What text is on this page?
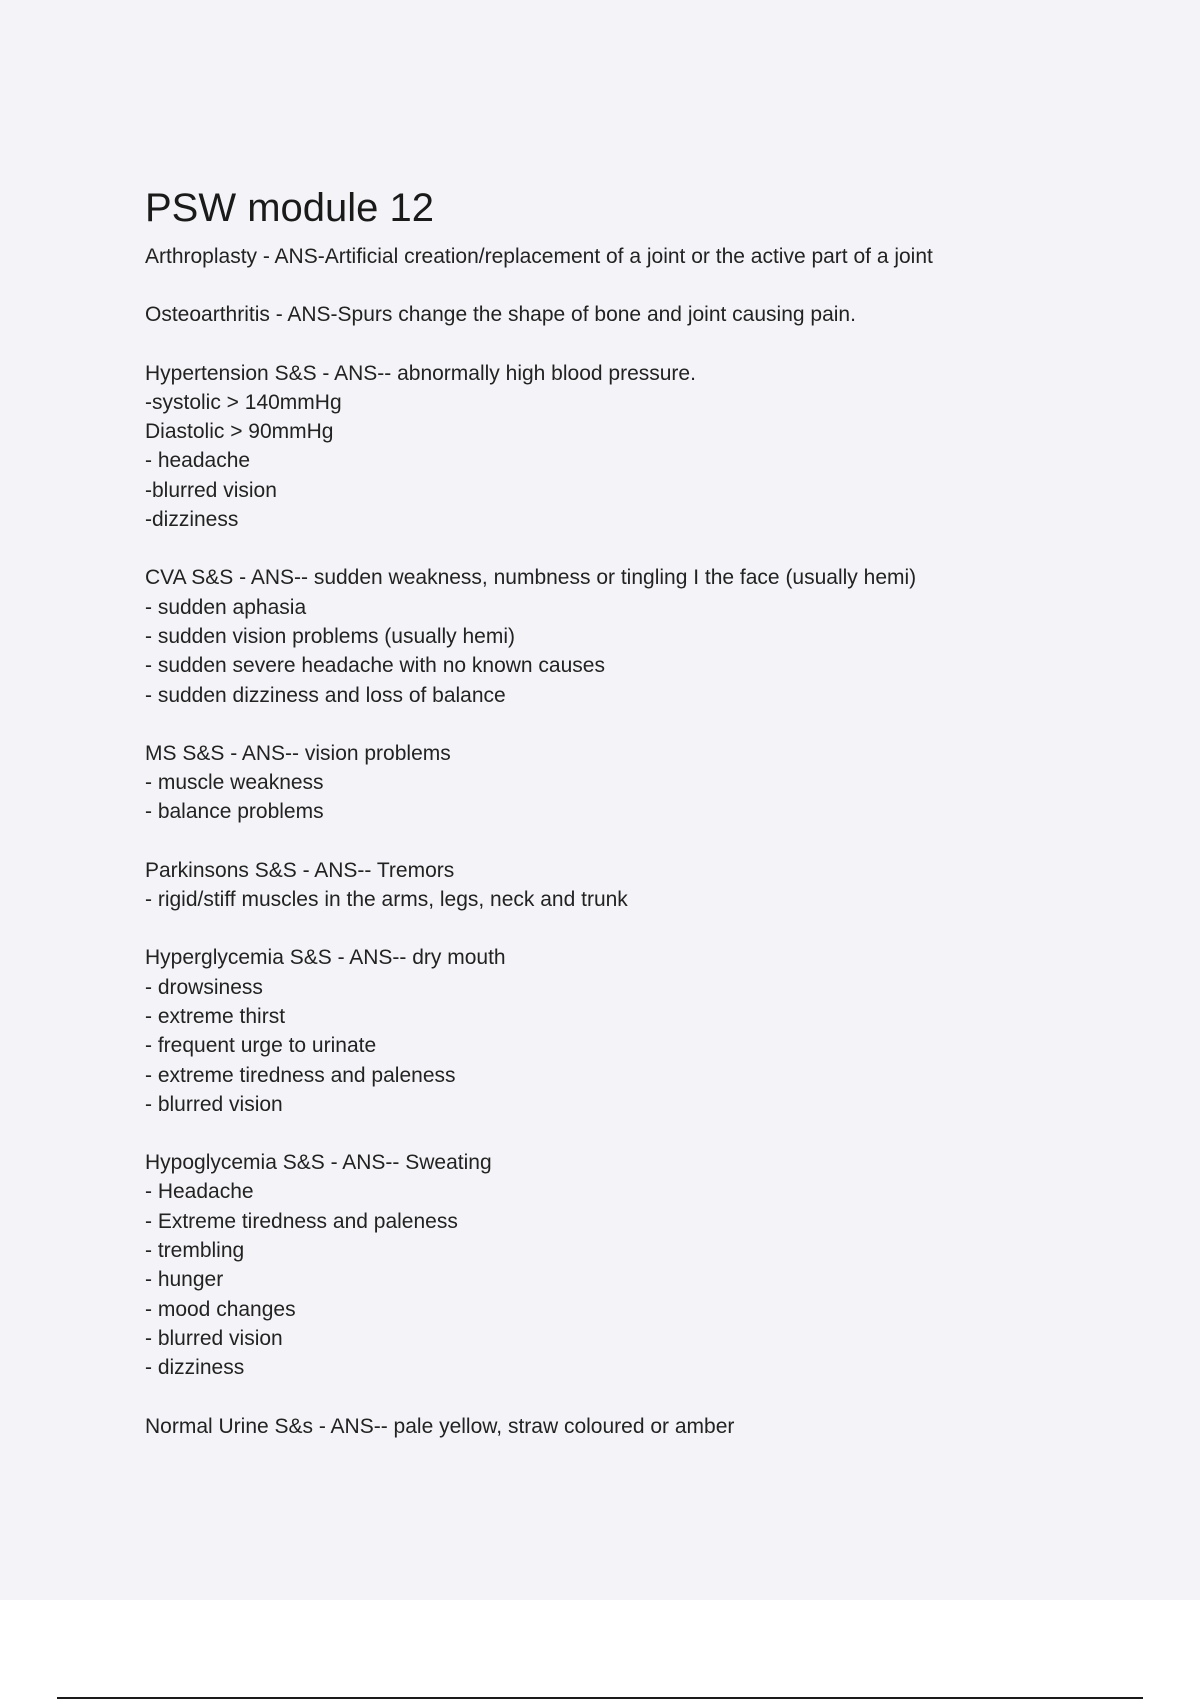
PSW module 12
Arthroplasty - ANS-Artificial creation/replacement of a joint or the active part of a joint
Osteoarthritis - ANS-Spurs change the shape of bone and joint causing pain.
Hypertension S&S - ANS-- abnormally high blood pressure.
-systolic > 140mmHg
Diastolic > 90mmHg
- headache
-blurred vision
-dizziness
CVA S&S - ANS-- sudden weakness, numbness or tingling I the face (usually hemi)
- sudden aphasia
- sudden vision problems (usually hemi)
- sudden severe headache with no known causes
- sudden dizziness and loss of balance
MS S&S - ANS-- vision problems
- muscle weakness
- balance problems
Parkinsons S&S - ANS-- Tremors
- rigid/stiff muscles in the arms, legs, neck and trunk
Hyperglycemia S&S - ANS-- dry mouth
- drowsiness
- extreme thirst
- frequent urge to urinate
- extreme tiredness and paleness
- blurred vision
Hypoglycemia S&S - ANS-- Sweating
- Headache
- Extreme tiredness and paleness
- trembling
- hunger
- mood changes
- blurred vision
- dizziness
Normal Urine S&s - ANS-- pale yellow, straw coloured or amber
